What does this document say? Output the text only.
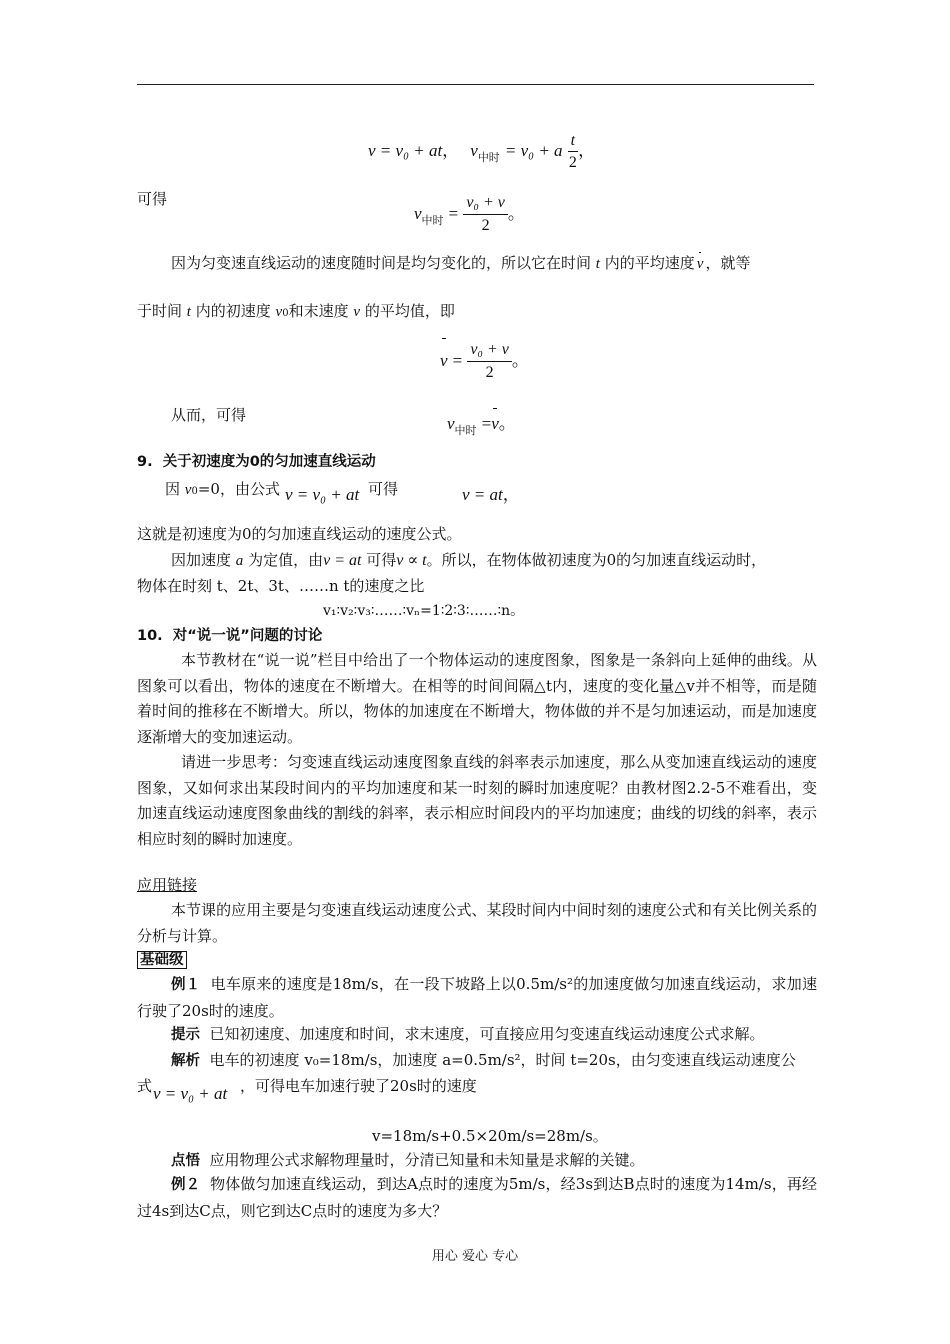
v = v₀ + at， $v_{中时} = v_0 + a \frac{t}{2}$ ，
可得
$v_{中时} = \frac{\text{v₀ + v}}{2}$ 。
因为匀变速直线运动的速度随时间是均匀变化的，所以它在时间 t 内的平均速度 v ，就等
于时间 t 内的初速度 v0和末速度 v 的平均值，即
$v = \frac{\text{v₀ + v}}{2}$ 。
从而，可得	$v_{中时} =v$。
9.  关于初速度为0的匀加速直线运动
因 v0=0，由公式 v = v₀ + at 可得	v = at，
这就是初速度为0的匀加速直线运动的速度公式。
因加速度 a 为定值，由v = at 可得v ∝ t。所以，在物体做初速度为0的匀加速直线运动时，
物体在时刻 t、2t、3t、……n t的速度之比
v₁∶v₂∶v₃∶……∶vₙ=1∶2∶3∶……∶n。
10.  对“说一说”问题的讨论
本节教材在“说一说”栏目中给出了一个物体运动的速度图象，图象是一条斜向上延伸的曲线。从图象可以看出，物体的速度在不断增大。在相等的时间间隔△t内，速度的变化量△v并不相等，而是随着时间的推移在不断增大。所以，物体的加速度在不断增大，物体做的并不是匀加速运动，而是加速度逐渐增大的变加速运动。
请进一步思考：匀变速直线运动速度图象直线的斜率表示加速度，那么从变加速直线运动的速度图象，又如何求出某段时间内的平均加速度和某一时刻的瞬时加速度呢？由教材图2.2-5不难看出，变加速直线运动速度图象曲线的割线的斜率，表示相应时间段内的平均加速度；曲线的切线的斜率，表示相应时刻的瞬时加速度。
应用链接
本节课的应用主要是匀变速直线运动速度公式、某段时间内中间时刻的速度公式和有关比例关系的分析与计算。
基础级
例１ 电车原来的速度是18m/s，在一段下坡路上以0.5m/s²的加速度做匀加速直线运动，求加速行驶了20s时的速度。
提示 已知初速度、加速度和时间，求末速度，可直接应用匀变速直线运动速度公式求解。
解析 电车的初速度 v₀=18m/s，加速度 a=0.5m/s²，时间 t=20s，由匀变速直线运动速度公
式 v = v₀ + at ，可得电车加速行驶了20s时的速度
v=18m/s+0.5×20m/s=28m/s。
点悟 应用物理公式求解物理量时，分清已知量和未知量是求解的关键。
例２ 物体做匀加速直线运动，到达A点时的速度为5m/s，经3s到达B点时的速度为14m/s，再经过4s到达C点，则它到达C点时的速度为多大？
用心 爱心 专心
